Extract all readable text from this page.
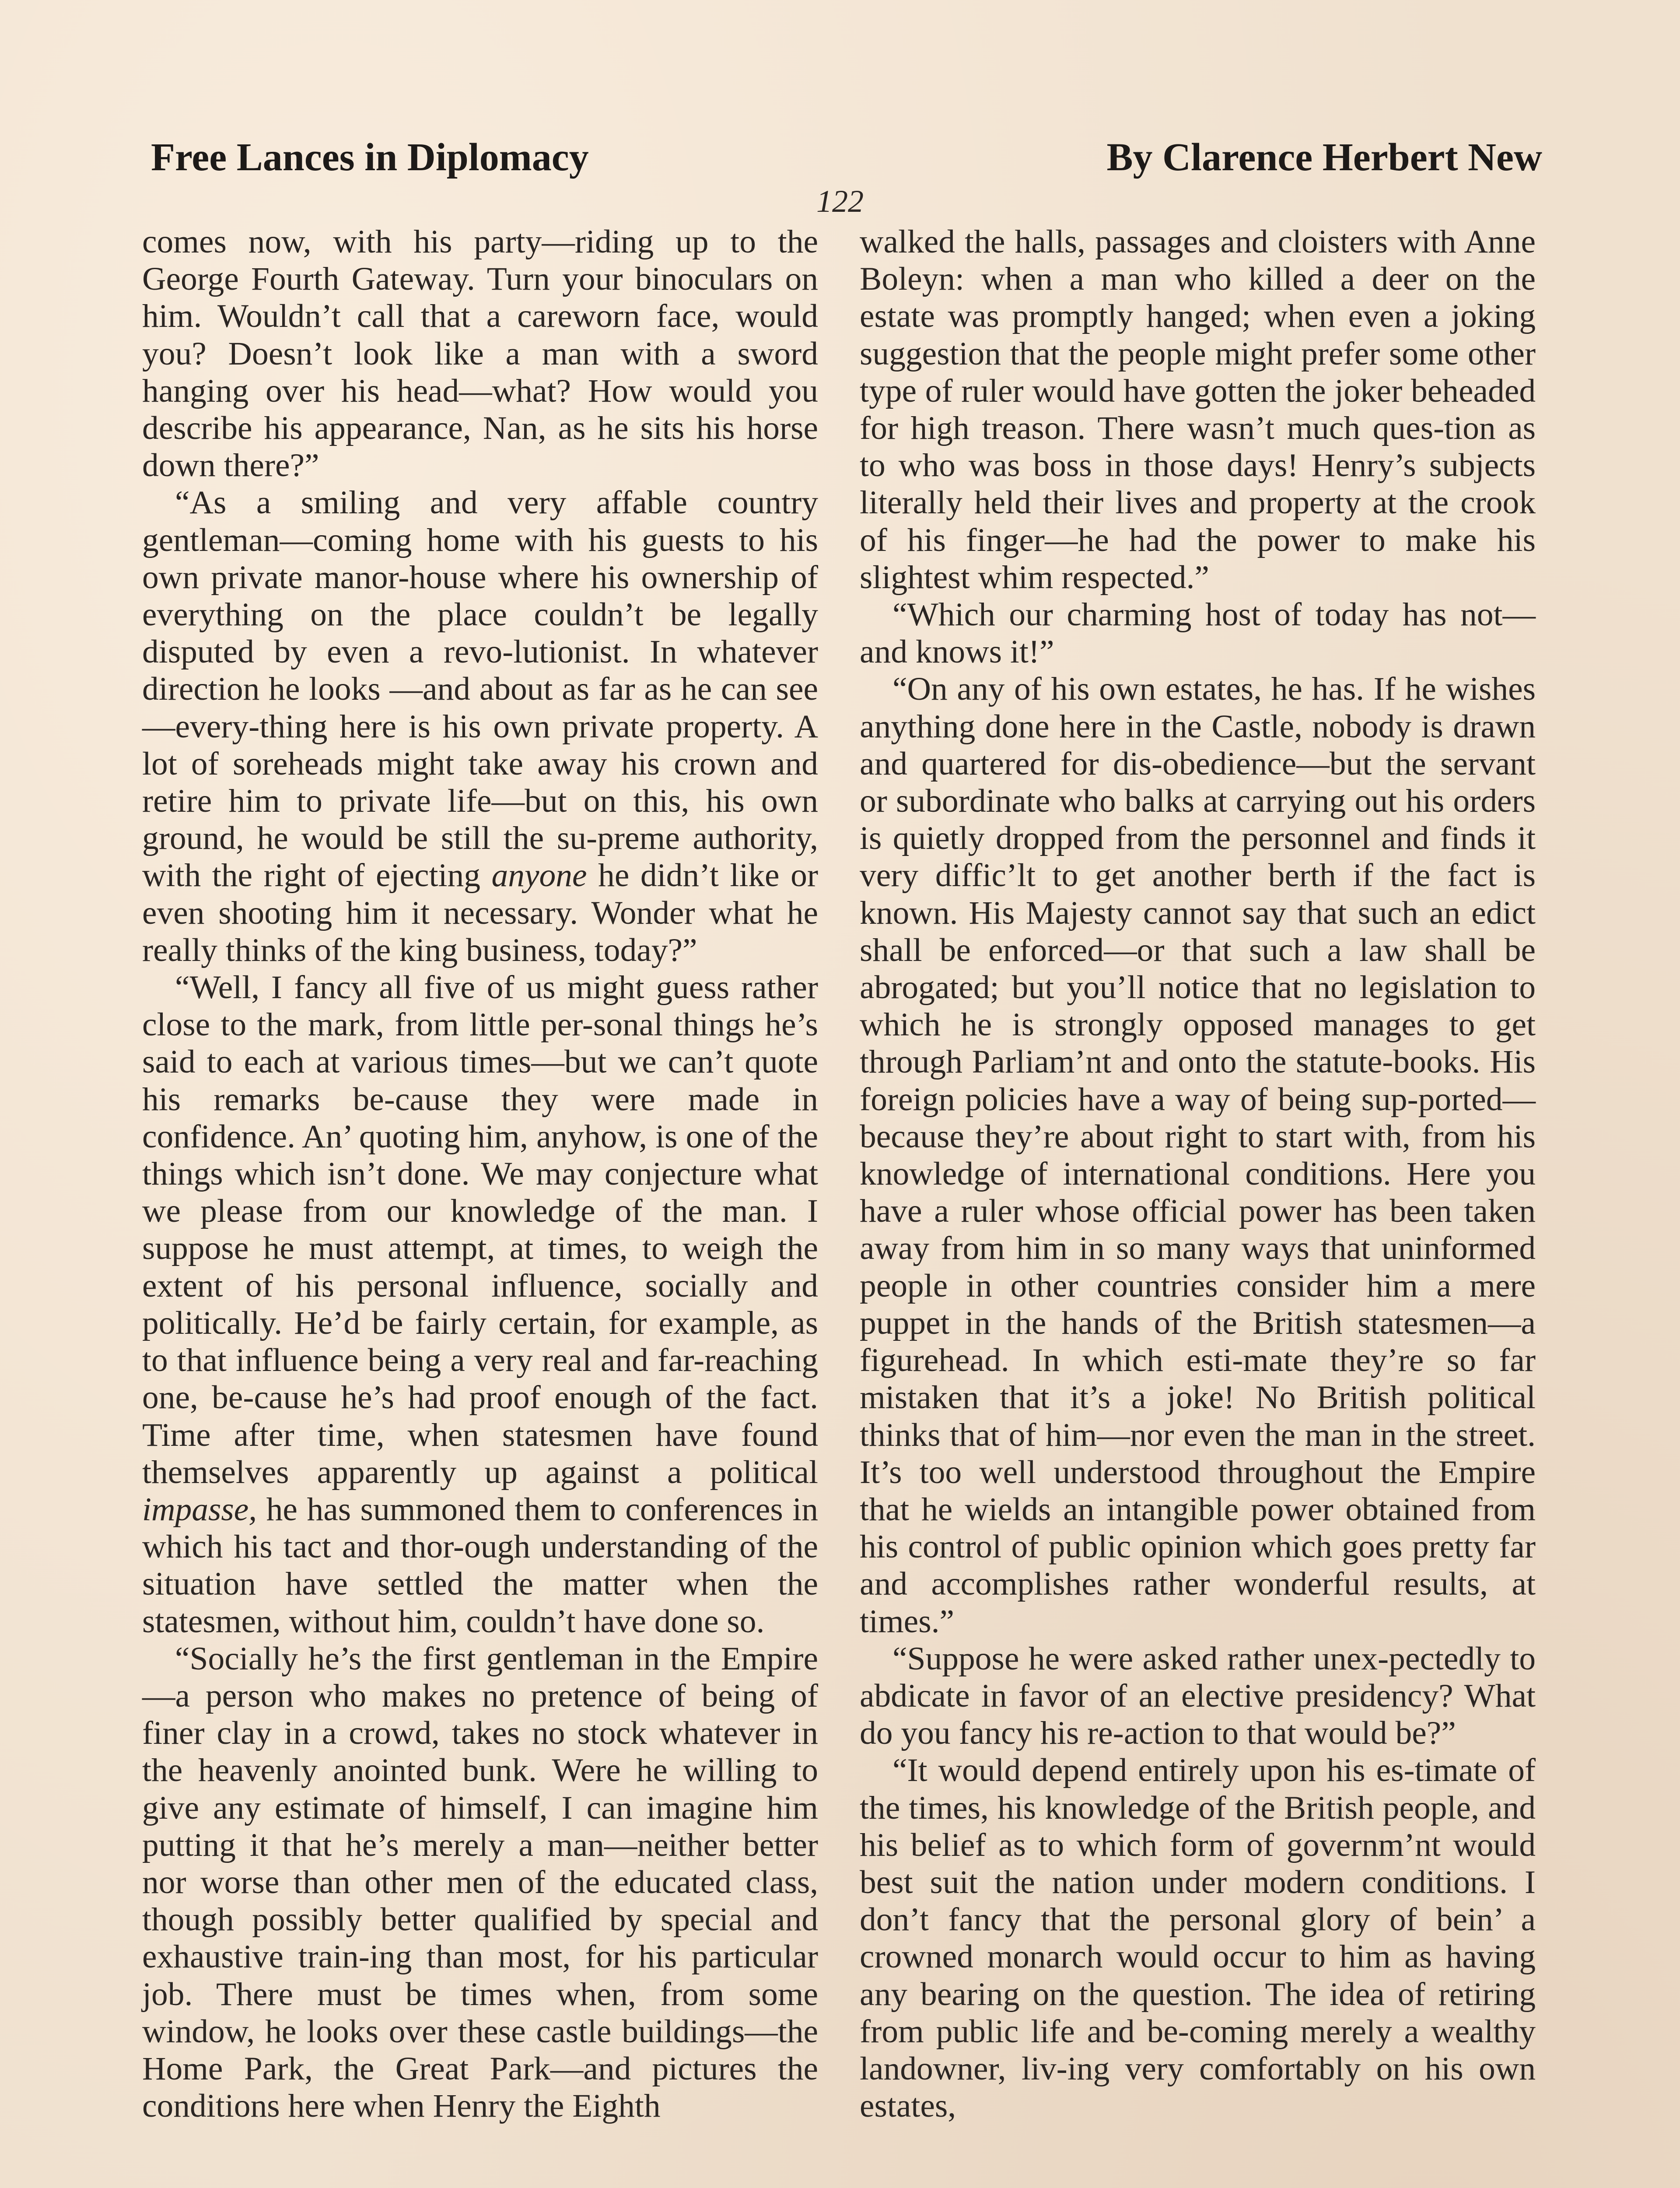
Free Lances in Diplomacy	By Clarence Herbert New
122

comes now, with his party—riding up to the George Fourth Gateway. Turn your binoculars on him. Wouldn’t call that a careworn face, would you? Doesn’t look like a man with a sword hanging over his head—what? How would you describe his appearance, Nan, as he sits his horse down there?”

“As a smiling and very affable country gentleman—coming home with his guests to his own private manor-house where his ownership of everything on the place couldn’t be legally disputed by even a revo-lutionist. In whatever direction he looks —and about as far as he can see—every-thing here is his own private property. A lot of soreheads might take away his crown and retire him to private life—but on this, his own ground, he would be still the su-preme authority, with the right of ejecting anyone he didn’t like or even shooting him it necessary. Wonder what he really thinks of the king business, today?”

“Well, I fancy all five of us might guess rather close to the mark, from little per-sonal things he’s said to each at various times—but we can’t quote his remarks be-cause they were made in confidence. An’ quoting him, anyhow, is one of the things which isn’t done. We may conjecture what we please from our knowledge of the man. I suppose he must attempt, at times, to weigh the extent of his personal influence, socially and politically. He’d be fairly certain, for example, as to that influence being a very real and far-reaching one, be-cause he’s had proof enough of the fact. Time after time, when statesmen have found themselves apparently up against a political impasse, he has summoned them to conferences in which his tact and thor-ough understanding of the situation have settled the matter when the statesmen, without him, couldn’t have done so.

“Socially he’s the first gentleman in the Empire—a person who makes no pretence of being of finer clay in a crowd, takes no stock whatever in the heavenly anointed bunk. Were he willing to give any estimate of himself, I can imagine him putting it that he’s merely a man—neither better nor worse than other men of the educated class, though possibly better qualified by special and exhaustive train-ing than most, for his particular job. There must be times when, from some window, he looks over these castle buildings—the Home Park, the Great Park—and pictures the conditions here when Henry the Eighth

walked the halls, passages and cloisters with Anne Boleyn: when a man who killed a deer on the estate was promptly hanged; when even a joking suggestion that the people might prefer some other type of ruler would have gotten the joker beheaded for high treason. There wasn’t much ques-tion as to who was boss in those days! Henry’s subjects literally held their lives and property at the crook of his finger—he had the power to make his slightest whim respected.”

“Which our charming host of today has not—and knows it!”

“On any of his own estates, he has. If he wishes anything done here in the Castle, nobody is drawn and quartered for dis-obedience—but the servant or subordinate who balks at carrying out his orders is quietly dropped from the personnel and finds it very diffic’lt to get another berth if the fact is known. His Majesty cannot say that such an edict shall be enforced—or that such a law shall be abrogated; but you’ll notice that no legislation to which he is strongly opposed manages to get through Parliam’nt and onto the statute-books. His foreign policies have a way of being sup-ported—because they’re about right to start with, from his knowledge of international conditions. Here you have a ruler whose official power has been taken away from him in so many ways that uninformed people in other countries consider him a mere puppet in the hands of the British statesmen—a figurehead. In which esti-mate they’re so far mistaken that it’s a joke! No British political thinks that of him—nor even the man in the street. It’s too well understood throughout the Empire that he wields an intangible power obtained from his control of public opinion which goes pretty far and accomplishes rather wonderful results, at times.”

“Suppose he were asked rather unex-pectedly to abdicate in favor of an elective presidency? What do you fancy his re-action to that would be?”

“It would depend entirely upon his es-timate of the times, his knowledge of the British people, and his belief as to which form of governm’nt would best suit the nation under modern conditions. I don’t fancy that the personal glory of bein’ a crowned monarch would occur to him as having any bearing on the question. The idea of retiring from public life and be-coming merely a wealthy landowner, liv-ing very comfortably on his own estates,
